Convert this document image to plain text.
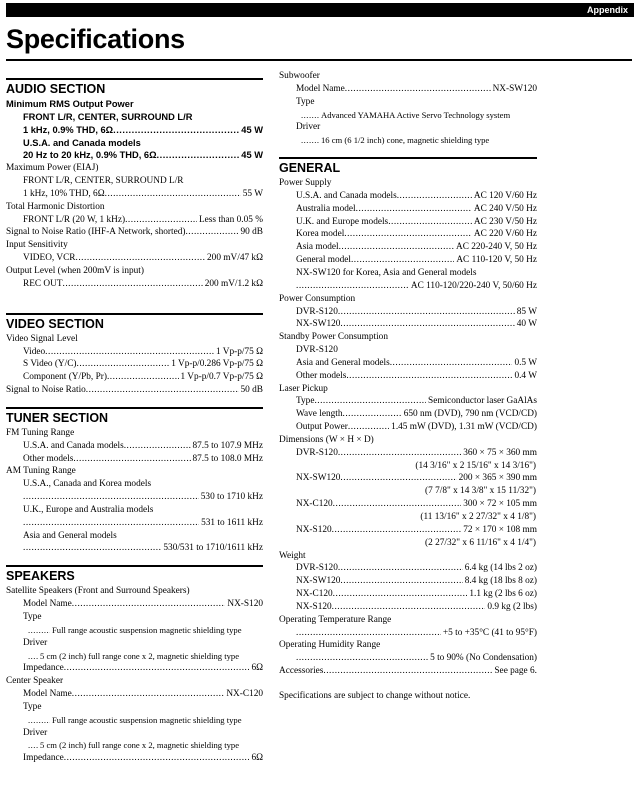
Appendix
Specifications
AUDIO SECTION
Minimum RMS Output Power
FRONT L/R, CENTER, SURROUND L/R
1 kHz, 0.9% THD, 6Ω .....	45 W
U.S.A. and Canada models
20 Hz to 20 kHz, 0.9% THD, 6Ω .....	45 W
Maximum Power (EIAJ)
FRONT L/R, CENTER, SURROUND L/R
1 kHz, 10% THD, 6Ω .....	55 W
Total Harmonic Distortion
FRONT L/R (20 W, 1 kHz) .....	Less than 0.05 %
Signal to Noise Ratio (IHF-A Network, shorted) .....	90 dB
Input Sensitivity
VIDEO, VCR .....	200 mV/47 kΩ
Output Level (when 200mV is input)
REC OUT .....	200 mV/1.2 kΩ
VIDEO SECTION
Video Signal Level
Video .....	1 Vp-p/75 Ω
S Video (Y/C) .....	1 Vp-p/0.286 Vp-p/75 Ω
Component (Y/Pb, Pr) .....	1 Vp-p/0.7 Vp-p/75 Ω
Signal to Noise Ratio .....	50 dB
TUNER SECTION
FM Tuning Range
U.S.A. and Canada models .....	87.5 to 107.9 MHz
Other models .....	87.5 to 108.0 MHz
AM Tuning Range
U.S.A., Canada and Korea models
.....
530 to 1710 kHz
U.K., Europe and Australia models
.....
531 to 1611 kHz
Asia and General models
.....
530/531 to 1710/1611 kHz
SPEAKERS
Satellite Speakers (Front and Surround Speakers)
Model Name .....	NX-S120
Type
.....
Full range acoustic suspension magnetic shielding type
Driver
.....
5 cm (2 inch) full range cone x 2, magnetic shielding type
Impedance .....	6Ω
Center Speaker
Model Name .....	NX-C120
Type
.....
Full range acoustic suspension magnetic shielding type
Driver
.....
5 cm (2 inch) full range cone x 2, magnetic shielding type
Impedance .....	6Ω
Subwoofer
Model Name .....	NX-SW120
Type
.....
Advanced YAMAHA Active Servo Technology system
Driver
.....
16 cm (6 1/2 inch) cone, magnetic shielding type
GENERAL
Power Supply
U.S.A. and Canada models .....	AC 120 V/60 Hz
Australia model .....	AC 240 V/50 Hz
U.K. and Europe models .....	AC 230 V/50 Hz
Korea model .....	AC 220 V/60 Hz
Asia model .....	AC 220-240 V, 50 Hz
General model .....	AC 110-120 V, 50 Hz
NX-SW120 for Korea, Asia and General models
.....
AC 110-120/220-240 V, 50/60 Hz
Power Consumption
DVR-S120 .....	85 W
NX-SW120 .....	40 W
Standby Power Consumption
DVR-S120
Asia and General models .....	0.5 W
Other models .....	0.4 W
Laser Pickup
Type .....	Semiconductor laser GaAlAs
Wave length .....	650 nm (DVD), 790 nm (VCD/CD)
Output Power .....	1.45 mW (DVD), 1.31 mW (VCD/CD)
Dimensions (W × H × D)
DVR-S120 .....	360 × 75 × 360 mm
(14 3/16" x 2 15/16" x 14 3/16")
NX-SW120 .....	200 × 365 × 390 mm
(7 7/8" x 14 3/8" x 15 11/32")
NX-C120 .....	300 × 72 × 105 mm
(11 13/16" x 2 27/32" x 4 1/8")
NX-S120 .....	72 × 170 × 108 mm
(2 27/32" x 6 11/16" x 4 1/4")
Weight
DVR-S120 .....	6.4 kg (14 lbs 2 oz)
NX-SW120 .....	8.4 kg (18 lbs 8 oz)
NX-C120 .....	1.1 kg (2 lbs 6 oz)
NX-S120 .....	0.9 kg (2 lbs)
Operating Temperature Range
.....
+5 to +35°C (41 to 95°F)
Operating Humidity Range
.....
5 to 90% (No Condensation)
Accessories .....	See page 6.
Specifications are subject to change without notice.
